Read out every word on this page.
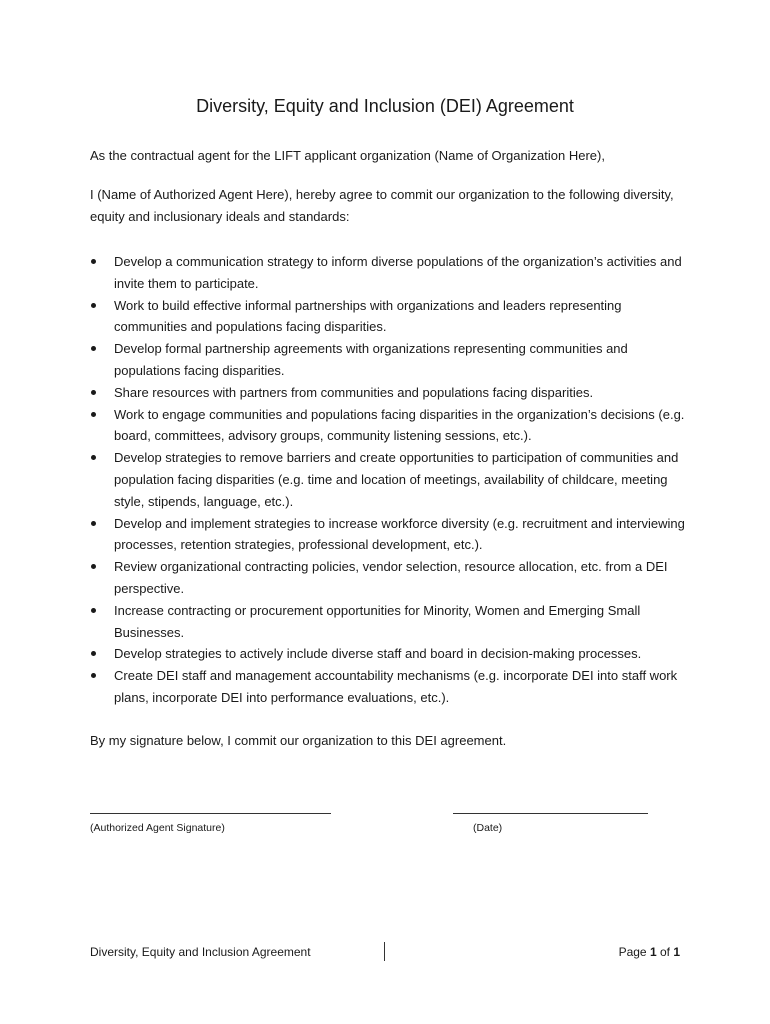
Diversity, Equity and Inclusion (DEI) Agreement

As the contractual agent for the LIFT applicant organization (Name of Organization Here),

I (Name of Authorized Agent Here), hereby agree to commit our organization to the following diversity, equity and inclusionary ideals and standards:

Develop a communication strategy to inform diverse populations of the organization’s activities and invite them to participate.
Work to build effective informal partnerships with organizations and leaders representing communities and populations facing disparities.
Develop formal partnership agreements with organizations representing communities and populations facing disparities.
Share resources with partners from communities and populations facing disparities.
Work to engage communities and populations facing disparities in the organization’s decisions (e.g. board, committees, advisory groups, community listening sessions, etc.).
Develop strategies to remove barriers and create opportunities to participation of communities and population facing disparities (e.g. time and location of meetings, availability of childcare, meeting style, stipends, language, etc.).
Develop and implement strategies to increase workforce diversity (e.g. recruitment and interviewing processes, retention strategies, professional development, etc.).
Review organizational contracting policies, vendor selection, resource allocation, etc. from a DEI perspective.
Increase contracting or procurement opportunities for Minority, Women and Emerging Small Businesses.
Develop strategies to actively include diverse staff and board in decision-making processes.
Create DEI staff and management accountability mechanisms (e.g. incorporate DEI into staff work plans, incorporate DEI into performance evaluations, etc.).

By my signature below, I commit our organization to this DEI agreement.

(Authorized Agent Signature)	(Date)
Diversity, Equity and Inclusion Agreement	Page 1 of 1
